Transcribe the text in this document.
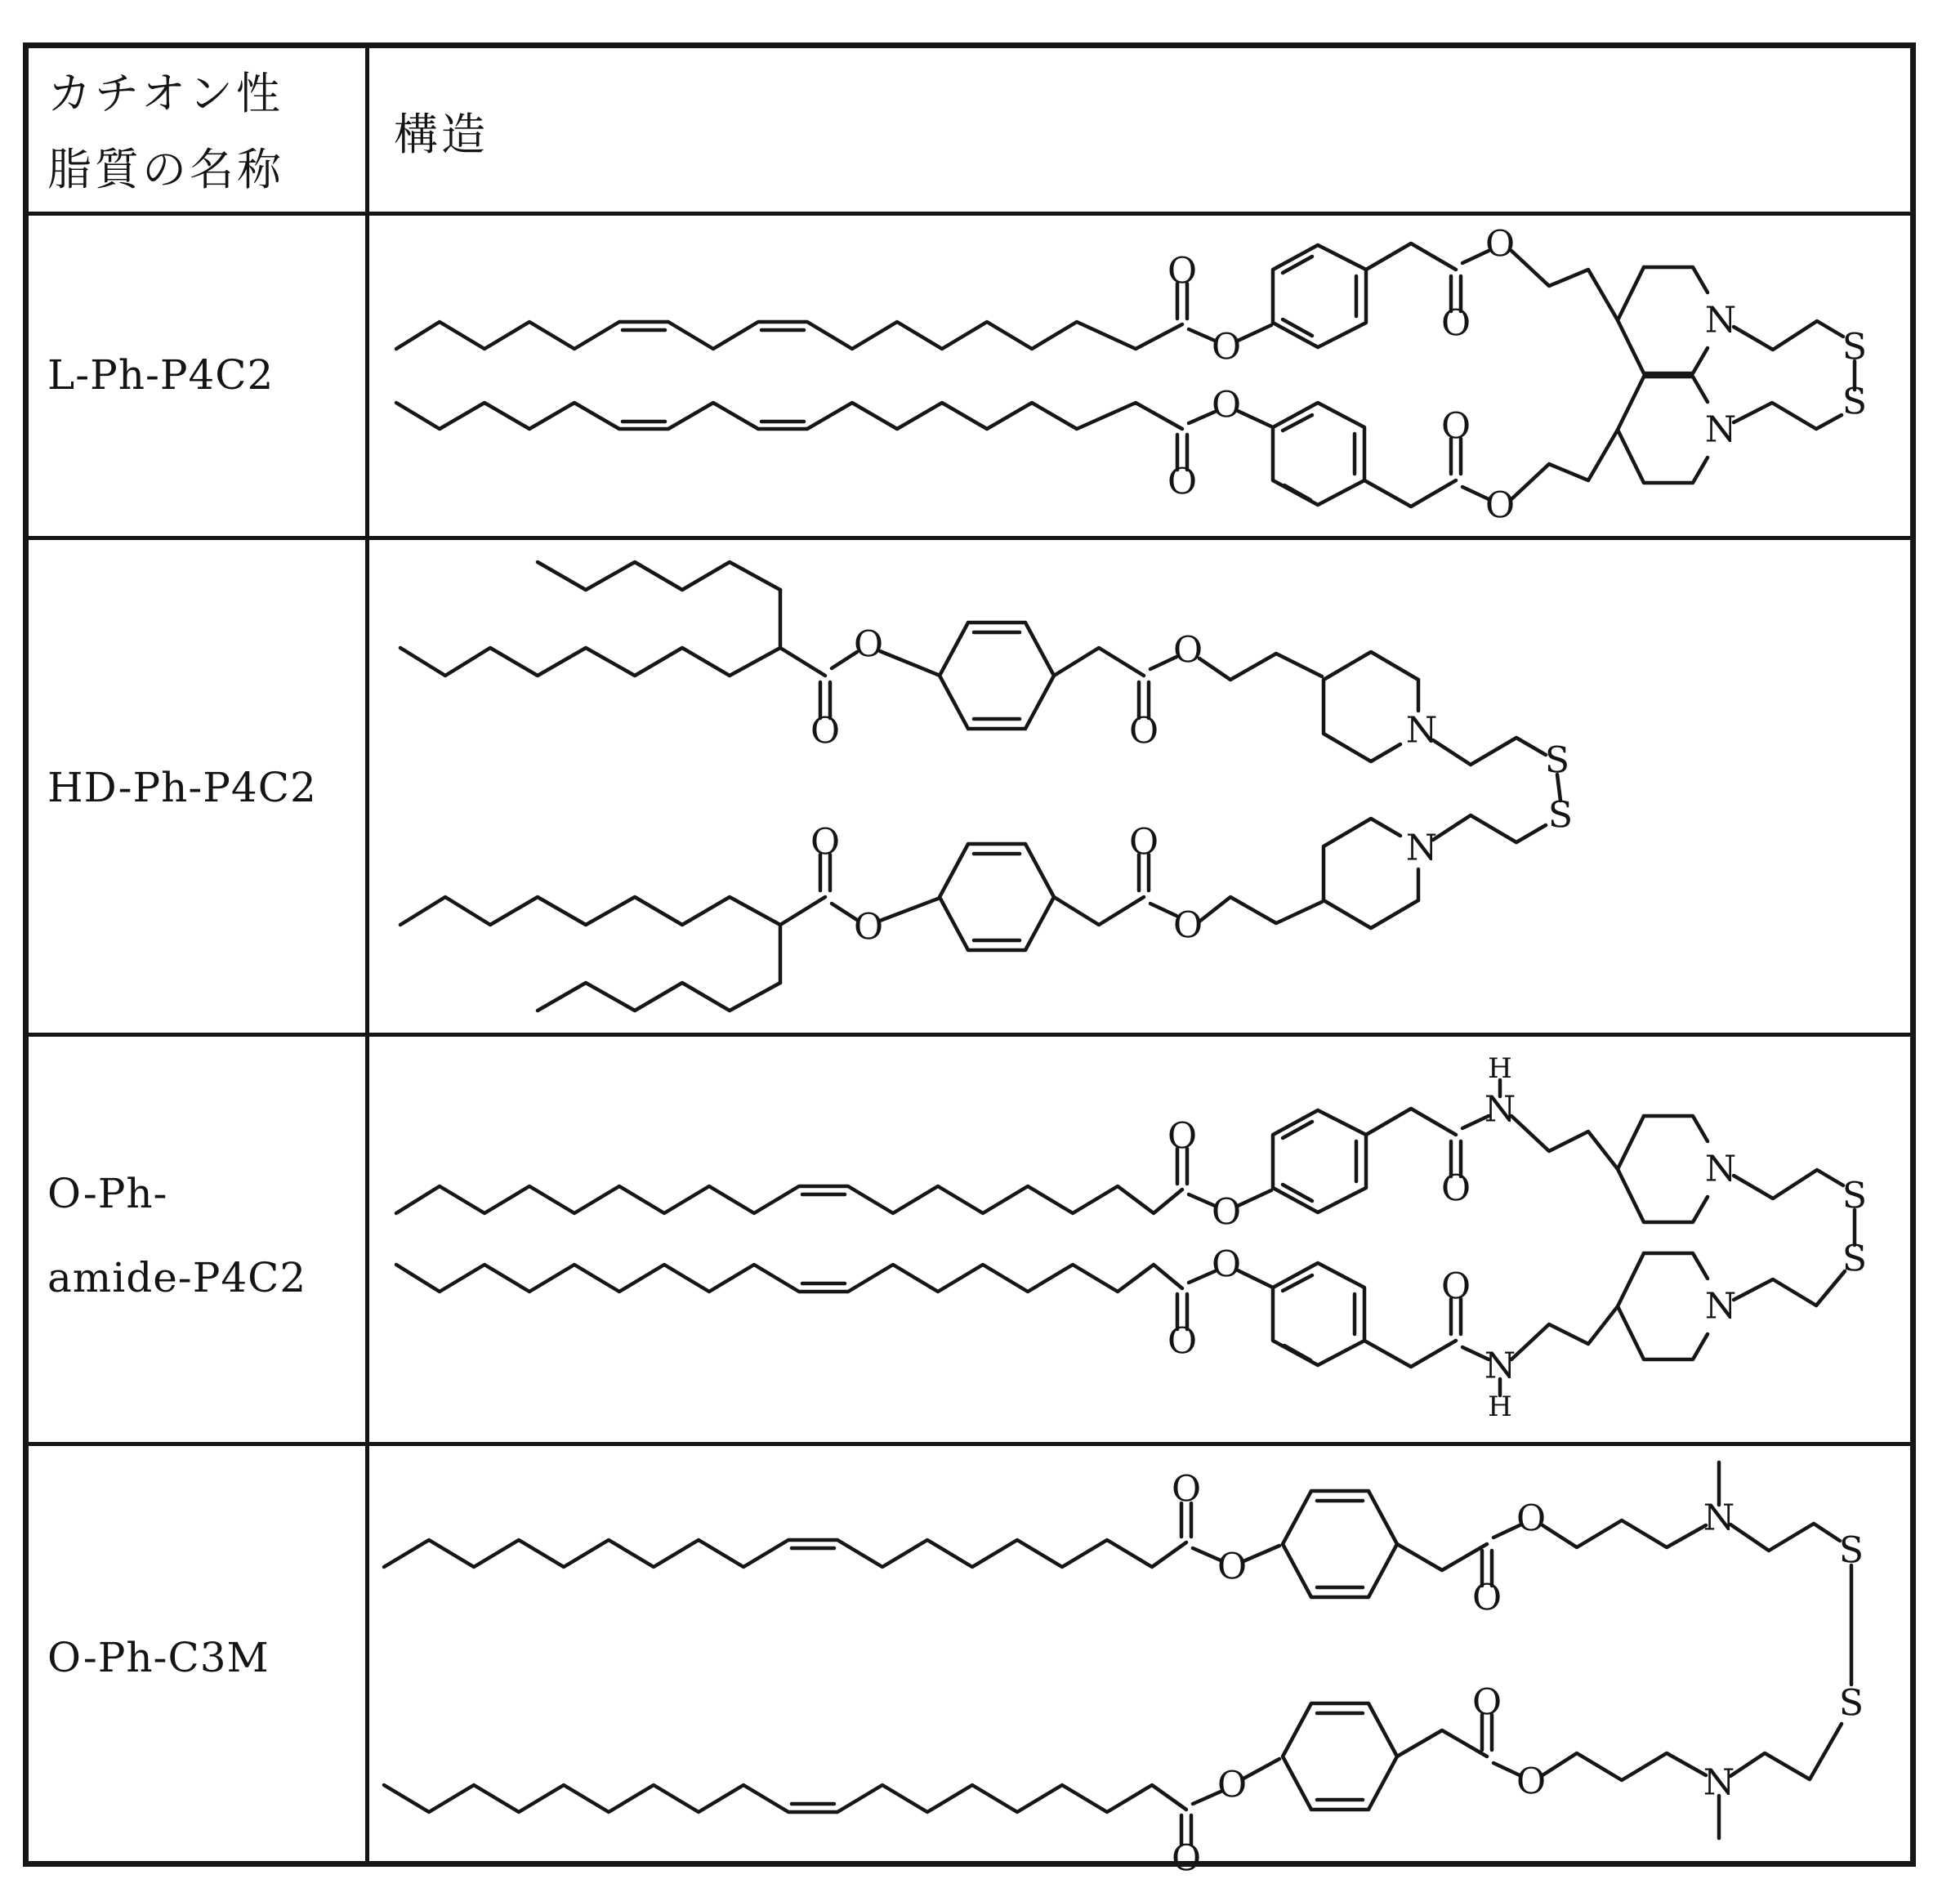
カチオン性
脂質の名称
構造
L-Ph-P4C2
HD-Ph-P4C2
O-Ph-
amide-P4C2
O-Ph-C3M
O
O
O
O
N
S
S
O
O
O
O
N
O
O
O
O
N
S
S
O
O
O
O
N
O
O
O
N
H
N
S
S
O
O
O
N
H
N
O
O
O
O	N
S
S
O
O
O
O	N
